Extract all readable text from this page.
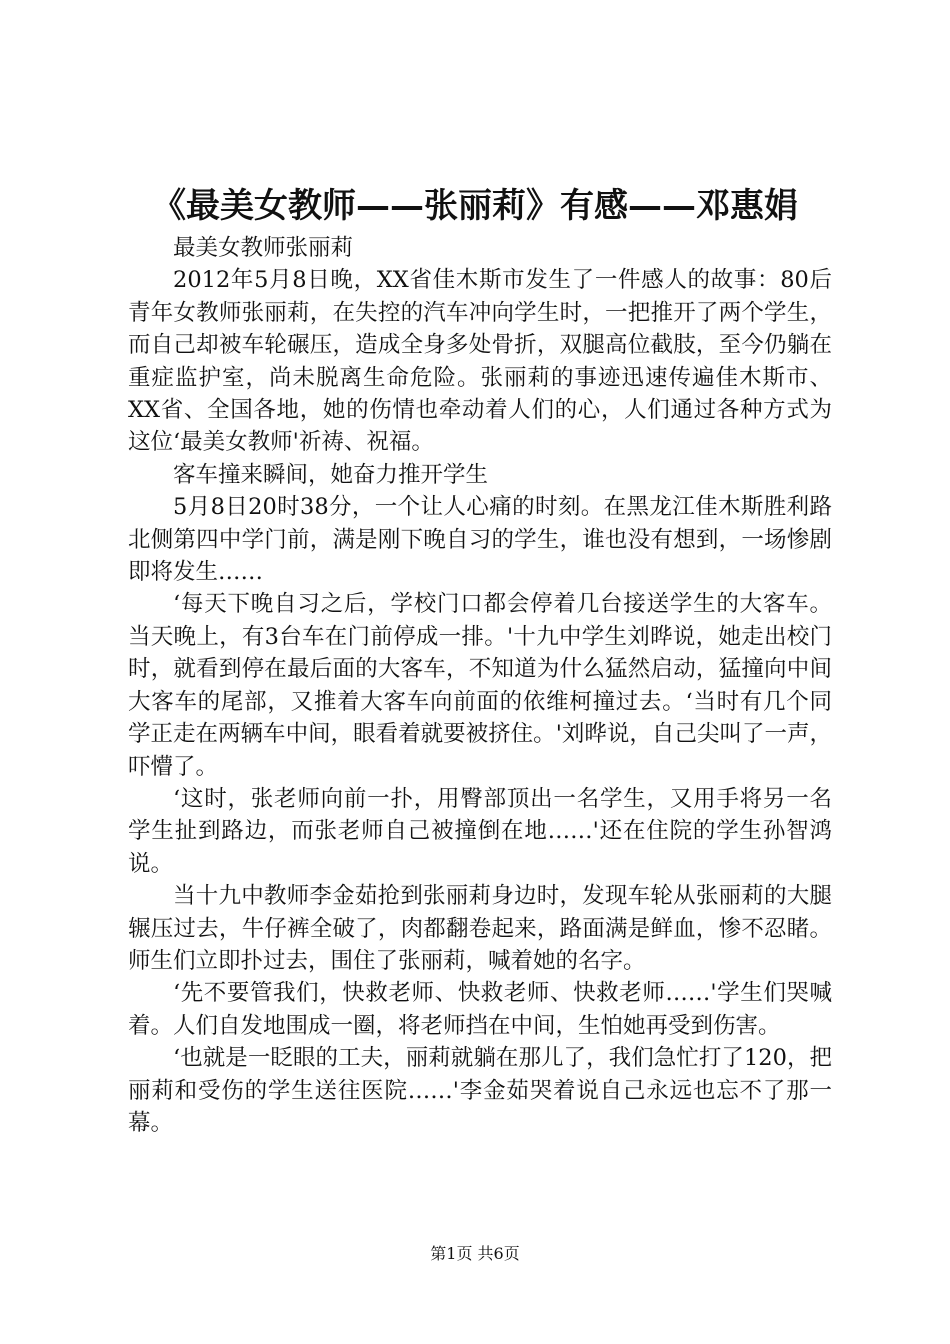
《最美女教师——张丽莉》有感——邓惠娟

最美女教师张丽莉

2012年5月8日晚，XX省佳木斯市发生了一件感人的故事：80后青年女教师张丽莉，在失控的汽车冲向学生时，一把推开了两个学生，而自己却被车轮碾压，造成全身多处骨折，双腿高位截肢，至今仍躺在重症监护室，尚未脱离生命危险。张丽莉的事迹迅速传遍佳木斯市、XX省、全国各地，她的伤情也牵动着人们的心，人们通过各种方式为这位‘最美女教师'祈祷、祝福。

客车撞来瞬间，她奋力推开学生

5月8日20时38分，一个让人心痛的时刻。在黑龙江佳木斯胜利路北侧第四中学门前，满是刚下晚自习的学生，谁也没有想到，一场惨剧即将发生……

‘每天下晚自习之后，学校门口都会停着几台接送学生的大客车。当天晚上，有3台车在门前停成一排。'十九中学生刘晔说，她走出校门时，就看到停在最后面的大客车，不知道为什么猛然启动，猛撞向中间大客车的尾部，又推着大客车向前面的依维柯撞过去。‘当时有几个同学正走在两辆车中间，眼看着就要被挤住。'刘晔说，自己尖叫了一声，吓懵了。

‘这时，张老师向前一扑，用臀部顶出一名学生，又用手将另一名学生扯到路边，而张老师自己被撞倒在地……'还在住院的学生孙智鸿说。

当十九中教师李金茹抢到张丽莉身边时，发现车轮从张丽莉的大腿辗压过去，牛仔裤全破了，肉都翻卷起来，路面满是鲜血，惨不忍睹。师生们立即扑过去，围住了张丽莉，喊着她的名字。

‘先不要管我们，快救老师、快救老师、快救老师……'学生们哭喊着。人们自发地围成一圈，将老师挡在中间，生怕她再受到伤害。

‘也就是一眨眼的工夫，丽莉就躺在那儿了，我们急忙打了120，把丽莉和受伤的学生送往医院……'李金茹哭着说自己永远也忘不了那一幕。

第1页 共6页
